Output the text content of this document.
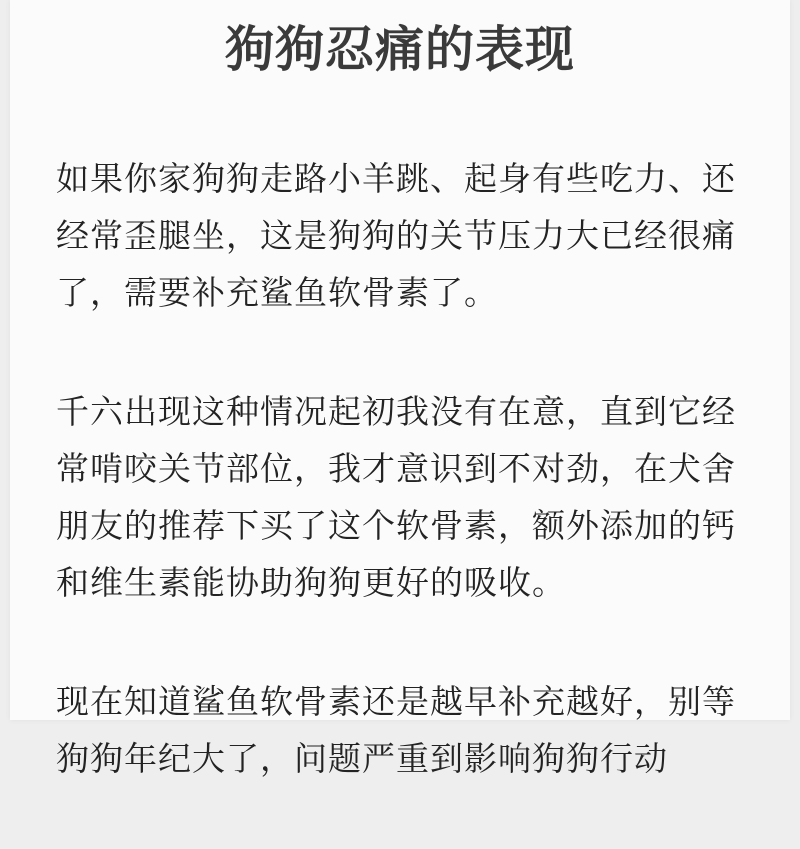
狗狗忍痛的表现

如果你家狗狗走路小羊跳、起身有些吃力、还经常歪腿坐，这是狗狗的关节压力大已经很痛了，需要补充鲨鱼软骨素了。

千六出现这种情况起初我没有在意，直到它经常啃咬关节部位，我才意识到不对劲，在犬舍朋友的推荐下买了这个软骨素，额外添加的钙和维生素能协助狗狗更好的吸收。

现在知道鲨鱼软骨素还是越早补充越好，别等狗狗年纪大了，问题严重到影响狗狗行动
